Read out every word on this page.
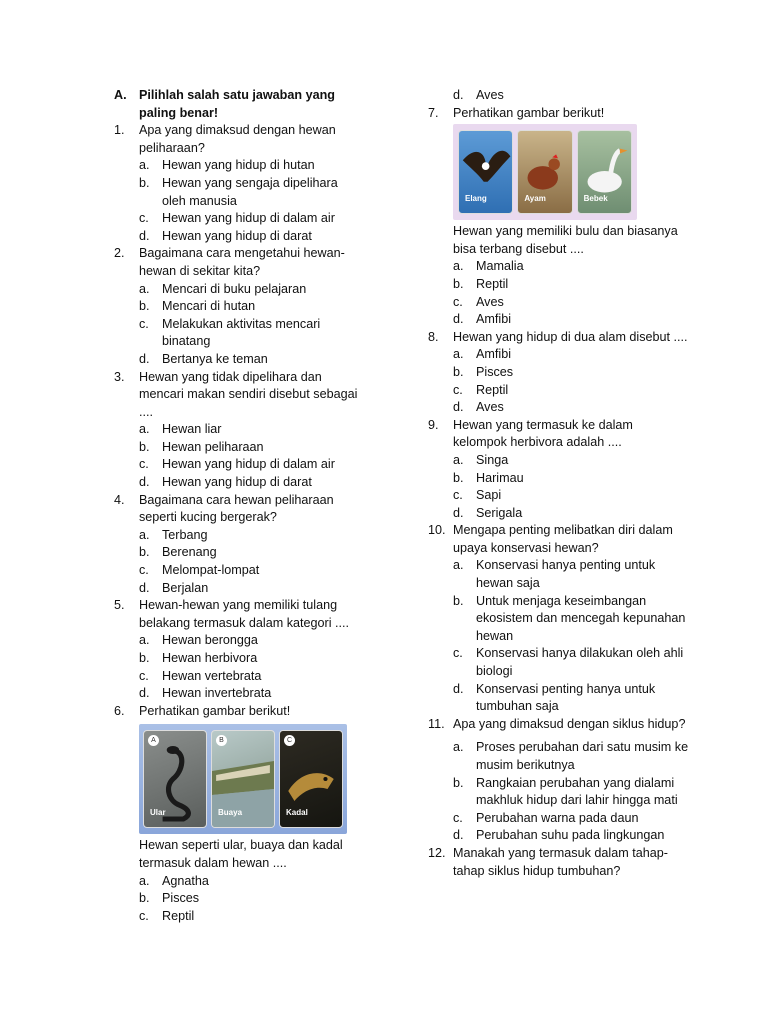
A. Pilihlah salah satu jawaban yang
paling benar!
1.	Apa yang dimaksud dengan hewan peliharaan?
a. Hewan yang hidup di hutan
b. Hewan yang sengaja dipelihara oleh manusia
c.	Hewan yang hidup di dalam air
d. Hewan yang hidup di darat
2.	Bagaimana cara mengetahui hewan-hewan di sekitar kita?
a. Mencari di buku pelajaran
b. Mencari di hutan
c.	Melakukan aktivitas mencari binatang
d. Bertanya ke teman
3.	Hewan yang tidak dipelihara dan mencari makan sendiri disebut sebagai ....
a. Hewan liar
b. Hewan peliharaan
c.	Hewan yang hidup di dalam air
d. Hewan yang hidup di darat
4.	Bagaimana cara hewan peliharaan seperti kucing bergerak?
a. Terbang
b. Berenang
c.	Melompat-lompat
d. Berjalan
5.	Hewan-hewan yang memiliki tulang belakang termasuk dalam kategori ....
a. Hewan berongga
b. Hewan herbivora
c.	Hewan vertebrata
d. Hewan invertebrata
6.	Perhatikan gambar berikut!
A
Ular
B
Buaya
C
Kadal
Hewan seperti ular, buaya dan kadal termasuk dalam hewan ....
a. Agnatha
b. Pisces
c.	Reptil
d. Aves
7.	Perhatikan gambar berikut!
Elang	Ayam	Bebek
Hewan yang memiliki bulu dan biasanya bisa terbang disebut ....
a. Mamalia
b. Reptil
c.	Aves
d. Amfibi
8.	Hewan yang hidup di dua alam disebut ....
a. Amfibi
b. Pisces
c.	Reptil
d. Aves
9.	Hewan yang termasuk ke dalam kelompok herbivora adalah ....
a. Singa
b. Harimau
c.	Sapi
d. Serigala
10. Mengapa penting melibatkan diri dalam upaya konservasi hewan?
a. Konservasi hanya penting untuk hewan saja
b. Untuk menjaga keseimbangan ekosistem dan mencegah kepunahan hewan
c.	Konservasi hanya dilakukan oleh ahli biologi
d. Konservasi penting hanya untuk tumbuhan saja
11. Apa yang dimaksud dengan siklus hidup?
a. Proses perubahan dari satu musim ke musim berikutnya
b. Rangkaian perubahan yang dialami makhluk hidup dari lahir hingga mati
c.	Perubahan warna pada daun
d. Perubahan suhu pada lingkungan
12. Manakah yang termasuk dalam tahap-tahap siklus hidup tumbuhan?
